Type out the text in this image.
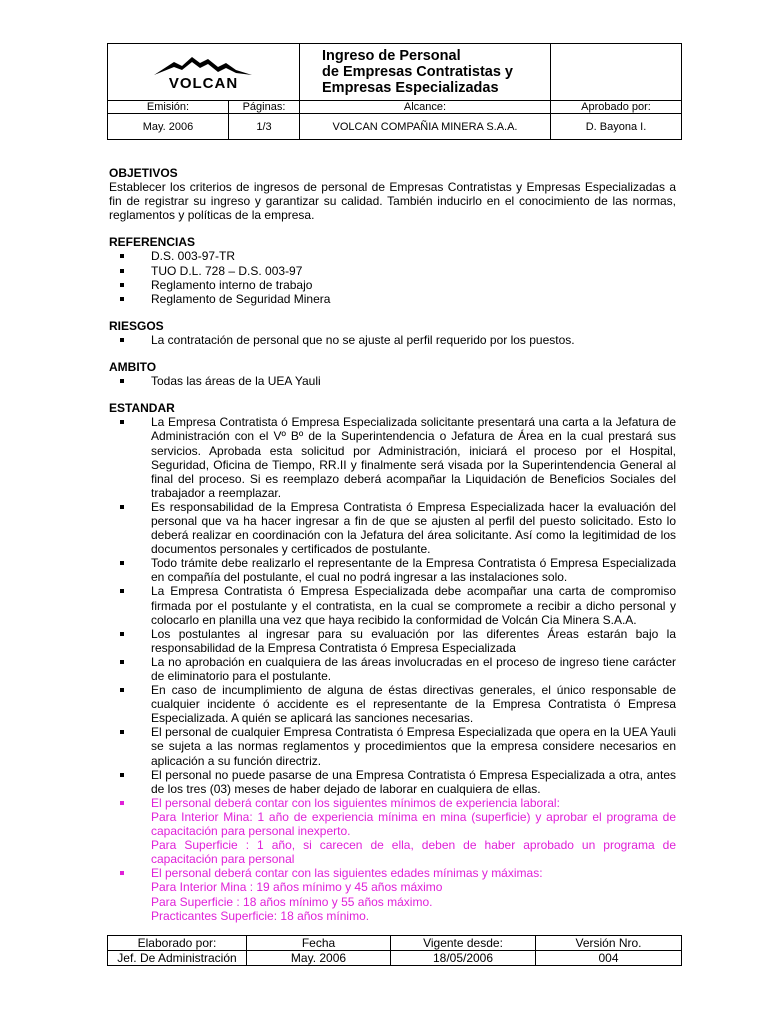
VOLCAN		Ingreso de Personal
de Empresas Contratistas y
Empresas Especializadas	

Emisión:	Páginas:	Alcance:	Aprobado por:
May. 2006	1/3	VOLCAN COMPAÑIA MINERA S.A.A.	D. Bayona I.
OBJETIVOS
Establecer los criterios de ingresos de personal de Empresas Contratistas y Empresas Especializadas a fin de registrar su ingreso y garantizar su calidad. También inducirlo en el conocimiento de las normas, reglamentos y políticas de la empresa.
REFERENCIAS
D.S. 003-97-TR
TUO D.L. 728 – D.S. 003-97
Reglamento interno de trabajo
Reglamento de Seguridad Minera
RIESGOS
La contratación de personal que no se ajuste al perfil requerido por los puestos.
AMBITO
Todas las áreas de la UEA Yauli
ESTANDAR
La Empresa Contratista ó Empresa Especializada solicitante presentará una carta a la Jefatura de Administración con el Vº Bº de la Superintendencia o Jefatura de Área en la cual prestará sus servicios. Aprobada esta solicitud por Administración, iniciará el proceso por el Hospital, Seguridad, Oficina de Tiempo, RR.II y finalmente será visada por la Superintendencia General al final del proceso. Si es reemplazo deberá acompañar la Liquidación de Beneficios Sociales del trabajador a reemplazar.
Es responsabilidad de la Empresa Contratista ó Empresa Especializada hacer la evaluación del personal que va ha hacer ingresar a fin de que se ajusten al perfil del puesto solicitado. Esto lo deberá realizar en coordinación con la Jefatura del área solicitante. Así como la legitimidad de los documentos personales y certificados de postulante.
Todo trámite debe realizarlo el representante de la Empresa Contratista ó Empresa Especializada en compañía del postulante, el cual no podrá ingresar a las instalaciones solo.
La Empresa Contratista ó Empresa Especializada debe acompañar una carta de compromiso firmada por el postulante y el contratista, en la cual se compromete a recibir a dicho personal y colocarlo en planilla una vez que haya recibido la conformidad de Volcán Cia Minera S.A.A.
Los postulantes al ingresar para su evaluación por las diferentes Áreas estarán bajo la responsabilidad de la Empresa Contratista ó Empresa Especializada
La no aprobación en cualquiera de las áreas involucradas en el proceso de ingreso tiene carácter de eliminatorio para el postulante.
En caso de incumplimiento de alguna de éstas directivas generales, el único responsable de cualquier incidente ó accidente es el representante de la Empresa Contratista ó Empresa Especializada. A quién se aplicará las sanciones necesarias.
El personal de cualquier Empresa Contratista ó Empresa Especializada que opera en la UEA Yauli se sujeta a las normas reglamentos y procedimientos que la empresa considere necesarios en aplicación a su función directriz.
El personal no puede pasarse de una Empresa Contratista ó Empresa Especializada a otra, antes de los tres (03) meses de haber dejado de laborar en cualquiera de ellas.
El personal deberá contar con los siguientes mínimos de experiencia laboral:
Para Interior Mina: 1 año de experiencia mínima en mina (superficie) y aprobar el programa de capacitación para personal inexperto.
Para Superficie : 1 año, si carecen de ella, deben de haber aprobado un programa de capacitación para personal
El personal deberá contar con las siguientes edades mínimas y máximas:
Para Interior Mina : 19 años mínimo y 45 años máximo
Para Superficie : 18 años mínimo y 55 años máximo.
Practicantes Superficie: 18 años mínimo.
Elaborado por:	Fecha	Vigente desde:	Versión Nro.
Jef. De Administración	May. 2006	18/05/2006	004
